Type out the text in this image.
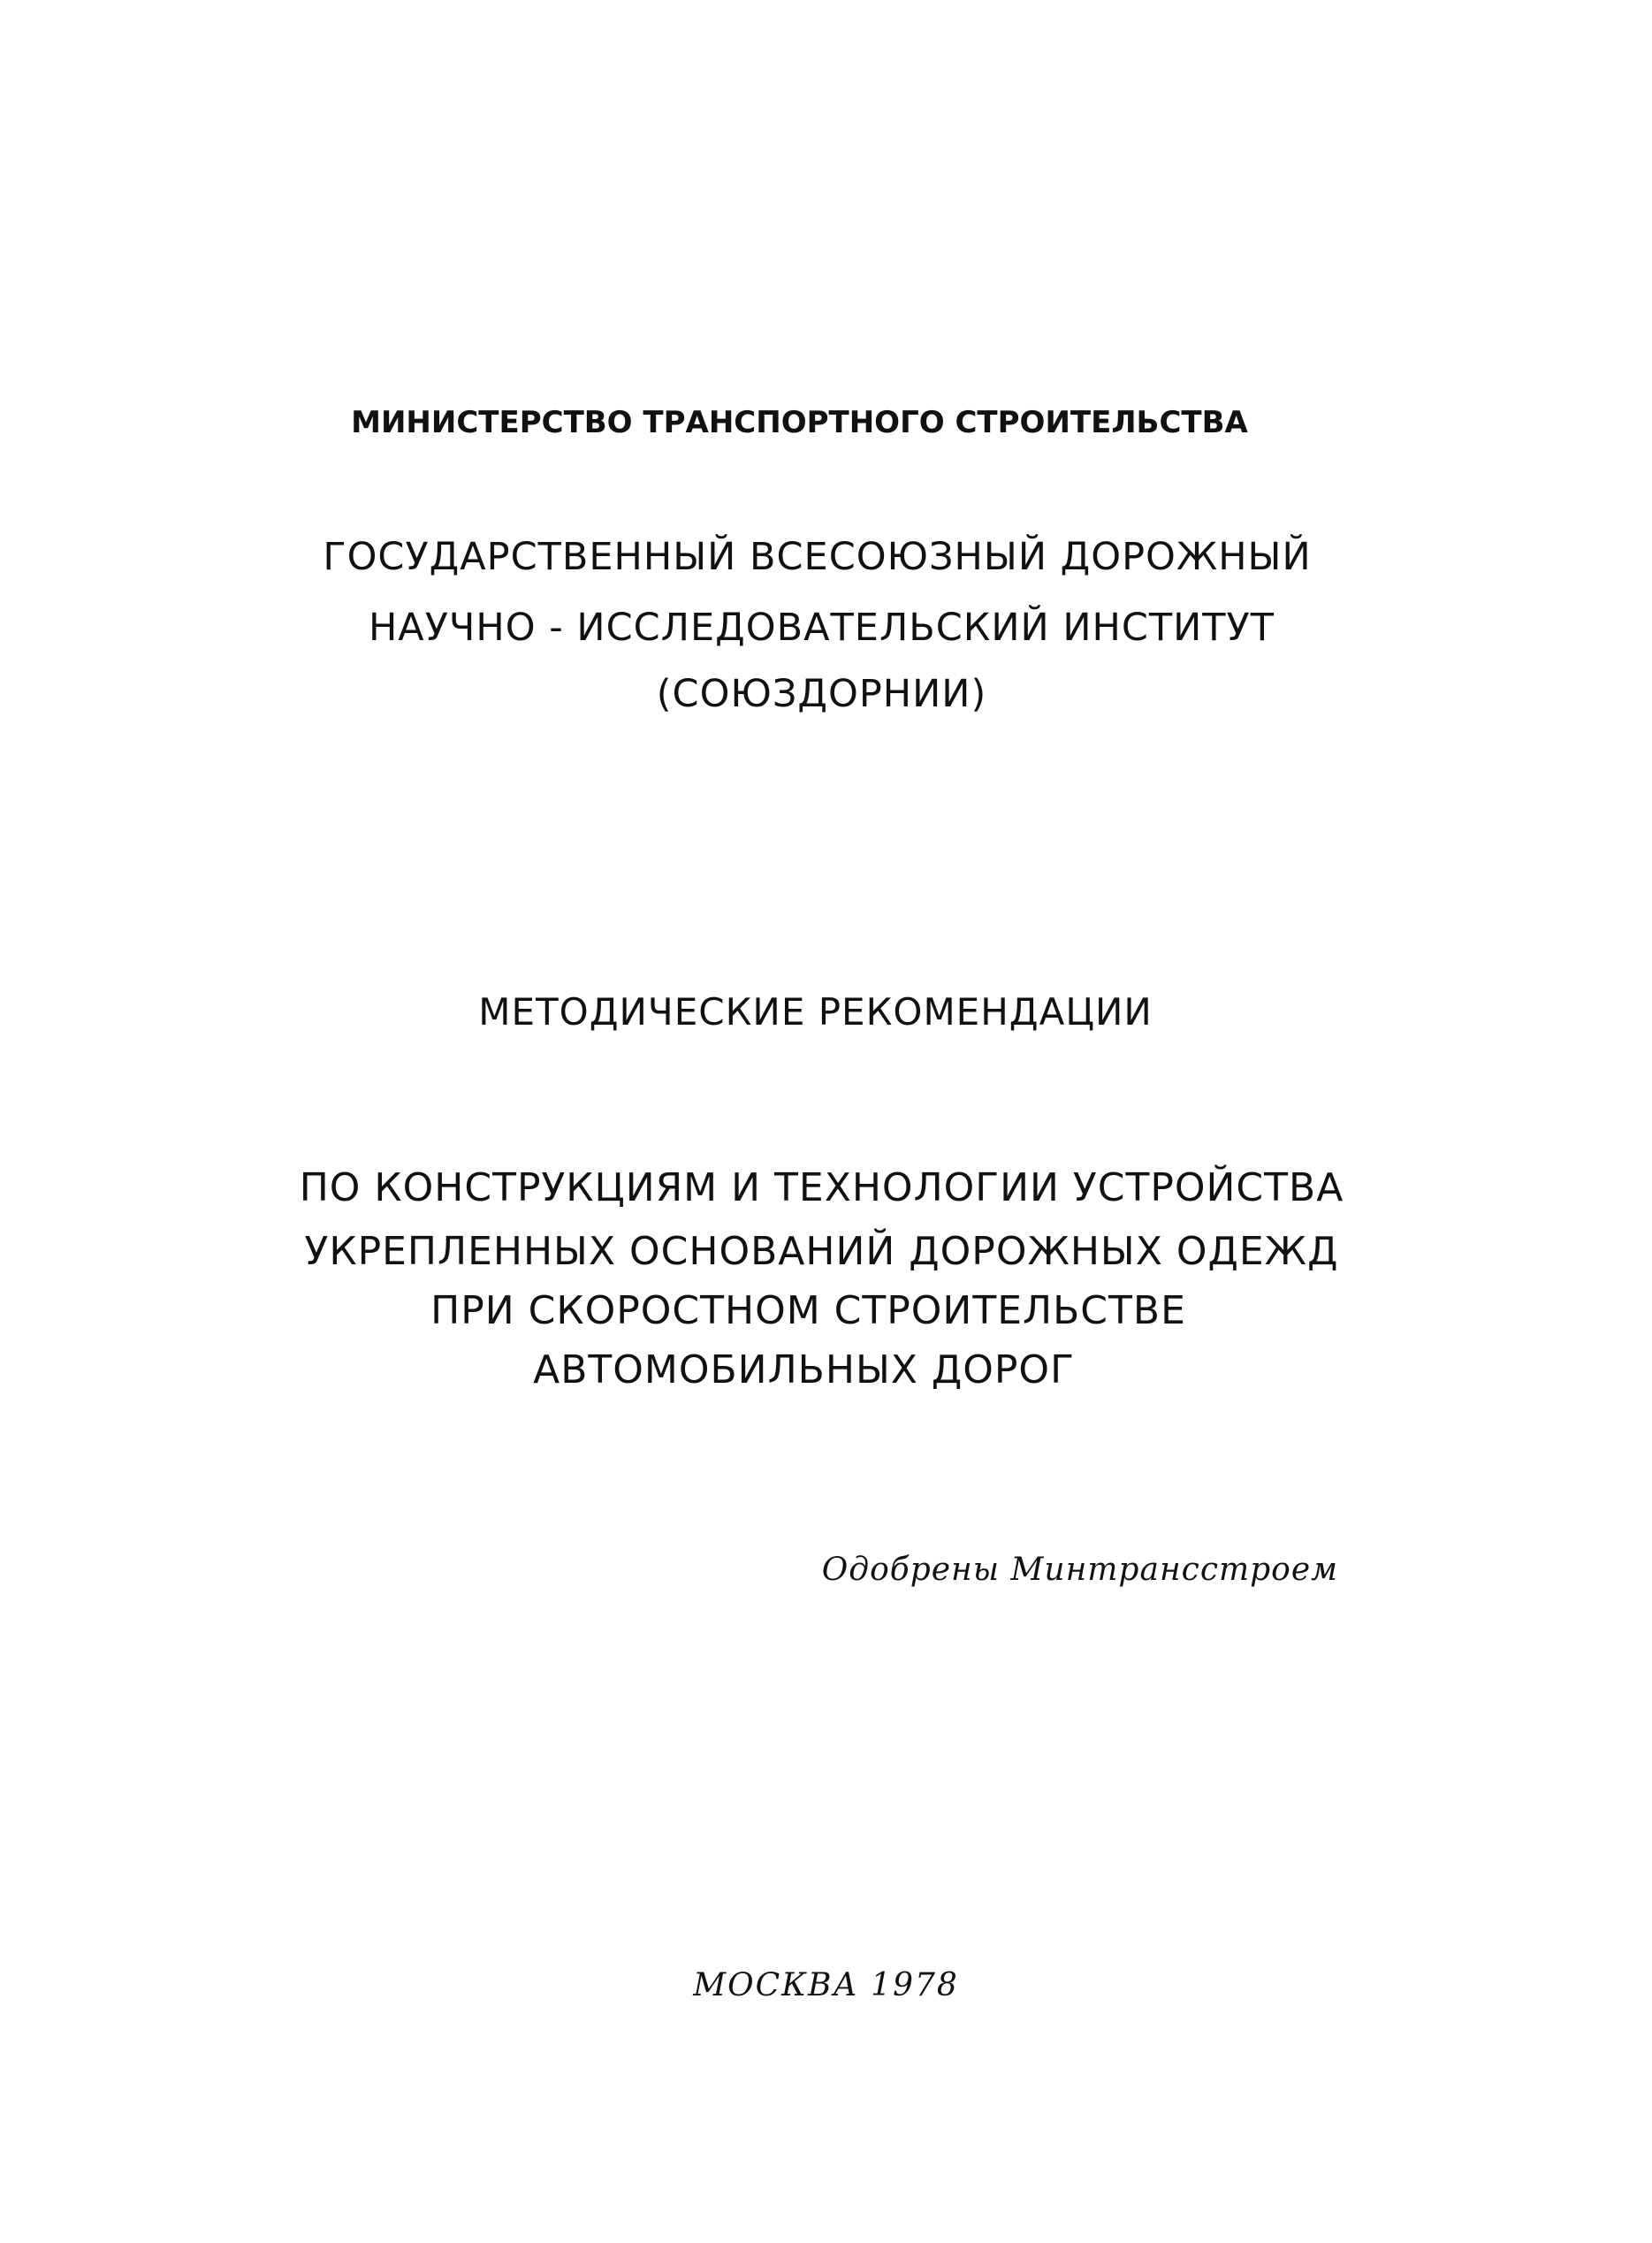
МИНИСТЕРСТВО ТРАНСПОРТНОГО СТРОИТЕЛЬСТВА
ГОСУДАРСТВЕННЫЙ ВСЕСОЮЗНЫЙ ДОРОЖНЫЙ
НАУЧНО - ИССЛЕДОВАТЕЛЬСКИЙ ИНСТИТУТ
(СОЮЗДОРНИИ)
МЕТОДИЧЕСКИЕ РЕКОМЕНДАЦИИ
ПО КОНСТРУКЦИЯМ И ТЕХНОЛОГИИ УСТРОЙСТВА
УКРЕПЛЕННЫХ ОСНОВАНИЙ ДОРОЖНЫХ ОДЕЖД
ПРИ СКОРОСТНОМ СТРОИТЕЛЬСТВЕ
АВТОМОБИЛЬНЫХ ДОРОГ
Одобрены Минтрансстроем
МОСКВА 1978
